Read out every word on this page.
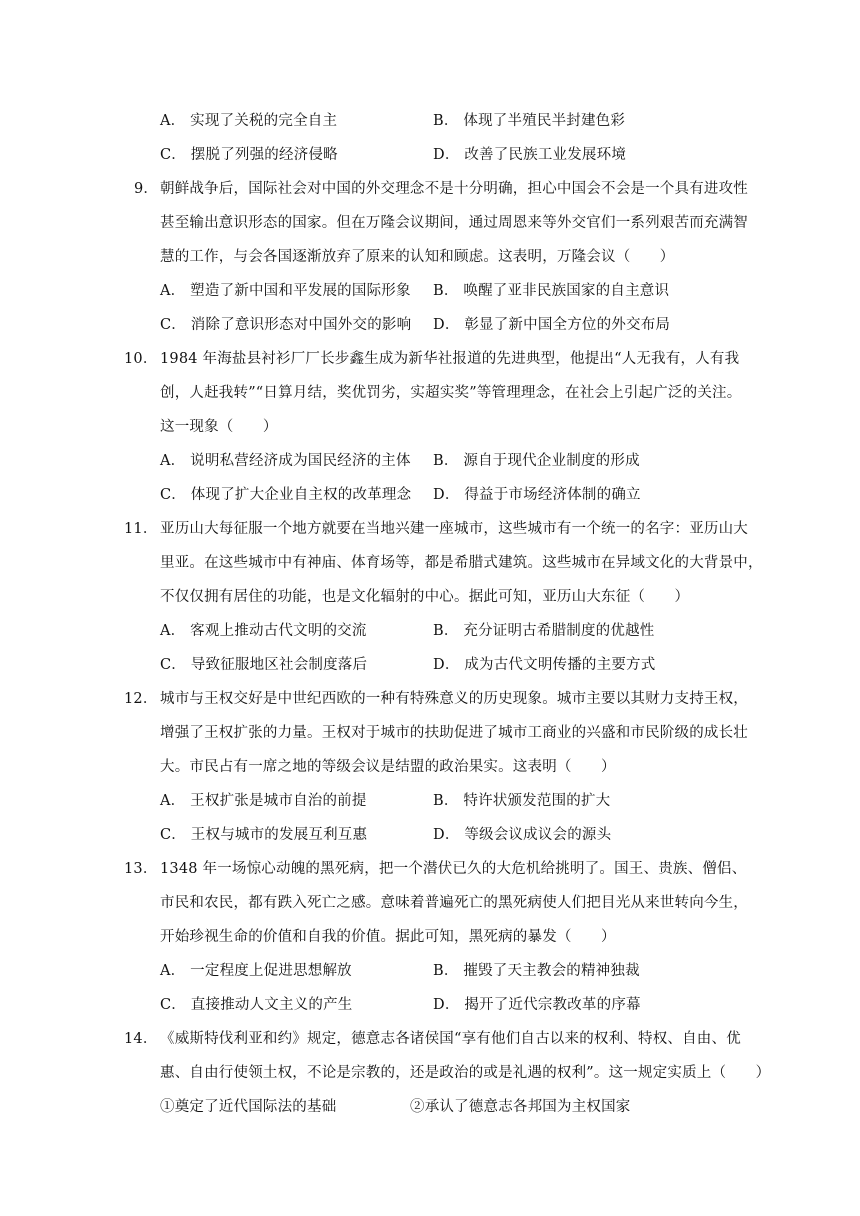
A． 实现了关税的完全自主	B． 体现了半殖民半封建色彩
C． 摆脱了列强的经济侵略	D． 改善了民族工业发展环境
9． 朝鲜战争后，国际社会对中国的外交理念不是十分明确，担心中国会不会是一个具有进攻性
甚至输出意识形态的国家。但在万隆会议期间，通过周恩来等外交官们一系列艰苦而充满智
慧的工作，与会各国逐渐放弃了原来的认知和顾虑。这表明，万隆会议（　　）
A． 塑造了新中国和平发展的国际形象 B． 唤醒了亚非民族国家的自主意识
C． 消除了意识形态对中国外交的影响 D． 彰显了新中国全方位的外交布局
10． 1984 年海盐县衬衫厂厂长步鑫生成为新华社报道的先进典型，他提出“人无我有，人有我
创，人赶我转”“日算月结，奖优罚劣，实超实奖”等管理理念，在社会上引起广泛的关注。
这一现象（　　）
A． 说明私营经济成为国民经济的主体 B． 源自于现代企业制度的形成
C． 体现了扩大企业自主权的改革理念 D． 得益于市场经济体制的确立
11． 亚历山大每征服一个地方就要在当地兴建一座城市，这些城市有一个统一的名字：亚历山大
里亚。在这些城市中有神庙、体育场等，都是希腊式建筑。这些城市在异域文化的大背景中，
不仅仅拥有居住的功能，也是文化辐射的中心。据此可知，亚历山大东征（　　）
A． 客观上推动古代文明的交流	B． 充分证明古希腊制度的优越性
C． 导致征服地区社会制度落后	D． 成为古代文明传播的主要方式
12． 城市与王权交好是中世纪西欧的一种有特殊意义的历史现象。城市主要以其财力支持王权，
增强了王权扩张的力量。王权对于城市的扶助促进了城市工商业的兴盛和市民阶级的成长壮
大。市民占有一席之地的等级会议是结盟的政治果实。这表明（　　）
A． 王权扩张是城市自治的前提	B． 特许状颁发范围的扩大
C． 王权与城市的发展互利互惠	D． 等级会议成议会的源头
13． 1348 年一场惊心动魄的黑死病，把一个潜伏已久的大危机给挑明了。国王、贵族、僧侣、
市民和农民，都有跌入死亡之感。意味着普遍死亡的黑死病使人们把目光从来世转向今生，
开始珍视生命的价值和自我的价值。据此可知，黑死病的暴发（　　）
A． 一定程度上促进思想解放	B． 摧毁了天主教会的精神独裁
C． 直接推动人文主义的产生	D． 揭开了近代宗教改革的序幕
14． 《威斯特伐利亚和约》规定，德意志各诸侯国“享有他们自古以来的权利、特权、自由、优
惠、自由行使领土权，不论是宗教的，还是政治的或是礼遇的权利”。这一规定实质上（　　）
①奠定了近代国际法的基础	②承认了德意志各邦国为主权国家
